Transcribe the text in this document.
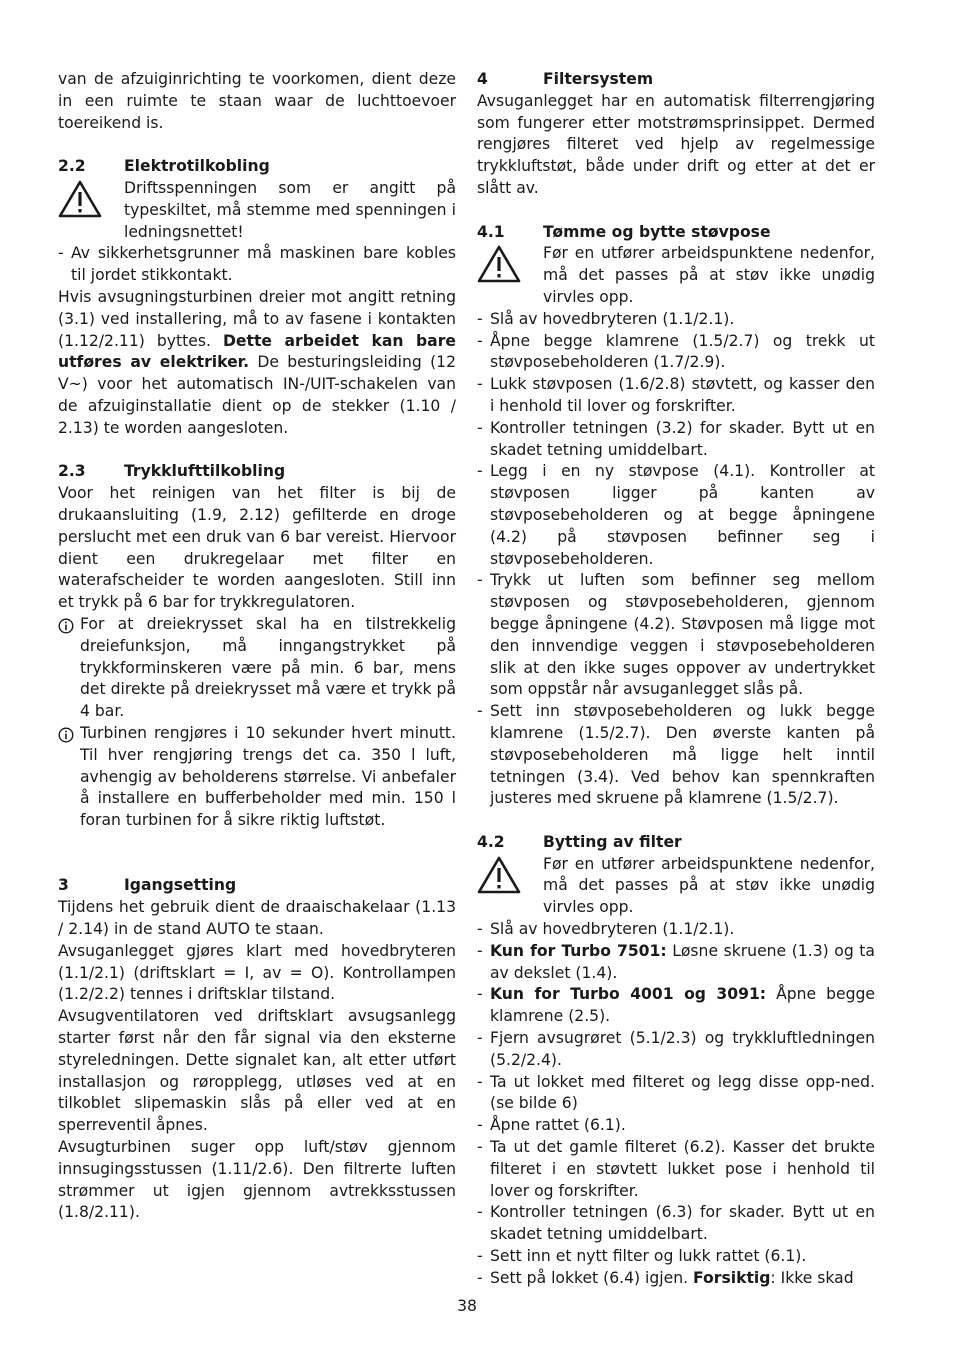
van de afzuiginrichting te voorkomen, dient deze in een ruimte te staan waar de luchttoevoer toereikend is.

2.2	Elektrotilkobling
Driftsspenningen som er angitt på typeskiltet, må stemme med spenningen i ledningsnettet!
- Av sikkerhetsgrunner må maskinen bare kobles til jordet stikkontakt.

Hvis avsugningsturbinen dreier mot angitt retning (3.1) ved installering, må to av fasene i kontakten (1.12/2.11) byttes. Dette arbeidet kan bare utføres av elektriker. De besturingsleiding (12 V~) voor het automatisch IN-/UIT-schakelen van de afzuiginstallatie dient op de stekker (1.10 / 2.13) te worden aangesloten.

2.3	Trykklufttilkobling

Voor het reinigen van het filter is bij de drukaansluiting (1.9, 2.12) gefilterde en droge perslucht met een druk van 6 bar vereist. Hiervoor dient een drukregelaar met filter en waterafscheider te worden aangesloten. Still inn et trykk på 6 bar for trykkregulatoren.

For at dreiekrysset skal ha en tilstrekkelig dreiefunksjon, må inngangstrykket på trykkforminskeren være på min. 6 bar, mens det direkte på dreiekrysset må være et trykk på 4 bar.
Turbinen rengjøres i 10 sekunder hvert minutt. Til hver rengjøring trengs det ca. 350 l luft, avhengig av beholderens størrelse. Vi anbefaler å installere en bufferbeholder med min. 150 l foran turbinen for å sikre riktig luftstøt.
3	Igangsetting

Tijdens het gebruik dient de draaischakelaar (1.13 / 2.14) in de stand AUTO te staan.

Avsuganlegget gjøres klart med hovedbryteren (1.1/2.1) (driftsklart = I, av = O). Kontrollampen (1.2/2.2) tennes i driftsklar tilstand.

Avsugventilatoren ved driftsklart avsugsanlegg starter først når den får signal via den eksterne styreledningen. Dette signalet kan, alt etter utført installasjon og røropplegg, utløses ved at en tilkoblet slipemaskin slås på eller ved at en sperreventil åpnes.

Avsugturbinen suger opp luft/støv gjennom innsugingsstussen (1.11/2.6). Den filtrerte luften strømmer ut igjen gjennom avtrekksstussen (1.8/2.11).

4	Filtersystem

Avsuganlegget har en automatisk filterrengjøring som fungerer etter motstrømsprinsippet. Dermed rengjøres filteret ved hjelp av regelmessige trykkluftstøt, både under drift og etter at det er slått av.

4.1	Tømme og bytte støvpose
Før en utfører arbeidspunktene nedenfor, må det passes på at støv ikke unødig virvles opp.
- Slå av hovedbryteren (1.1/2.1).
- Åpne begge klamrene (1.5/2.7) og trekk ut støvposebeholderen (1.7/2.9).
- Lukk støvposen (1.6/2.8) støvtett, og kasser den i henhold til lover og forskrifter.
- Kontroller tetningen (3.2) for skader. Bytt ut en skadet tetning umiddelbart.
- Legg i en ny støvpose (4.1). Kontroller at støvposen ligger på kanten av støvposebeholderen og at begge åpningene (4.2) på støvposen befinner seg i støvposebeholderen.
- Trykk ut luften som befinner seg mellom støvposen og støvposebeholderen, gjennom begge åpningene (4.2). Støvposen må ligge mot den innvendige veggen i støvposebeholderen slik at den ikke suges oppover av undertrykket som oppstår når avsuganlegget slås på.
- Sett inn støvposebeholderen og lukk begge klamrene (1.5/2.7). Den øverste kanten på støvposebeholderen må ligge helt inntil tetningen (3.4). Ved behov kan spennkraften justeres med skruene på klamrene (1.5/2.7).
4.2	Bytting av filter
Før en utfører arbeidspunktene nedenfor, må det passes på at støv ikke unødig virvles opp.
- Slå av hovedbryteren (1.1/2.1).
- Kun for Turbo 7501: Løsne skruene (1.3) og ta av dekslet (1.4).
- Kun for Turbo 4001 og 3091: Åpne begge klamrene (2.5).
- Fjern avsugrøret (5.1/2.3) og trykkluftledningen (5.2/2.4).
- Ta ut lokket med filteret og legg disse opp-ned. (se bilde 6)
- Åpne rattet (6.1).
- Ta ut det gamle filteret (6.2). Kasser det brukte filteret i en støvtett lukket pose i henhold til lover og forskrifter.
- Kontroller tetningen (6.3) for skader. Bytt ut en skadet tetning umiddelbart.
- Sett inn et nytt filter og lukk rattet (6.1).
- Sett på lokket (6.4) igjen. Forsiktig: Ikke skad
38
